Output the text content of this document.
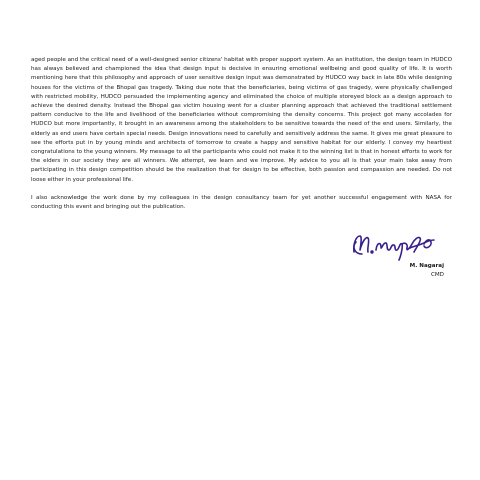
aged people and the critical need of a well-designed senior citizens' habitat with proper support system. As an institution, the design team in HUDCO has always believed and championed the idea that design input is decisive in ensuring emotional wellbeing and good quality of life. It is worth mentioning here that this philosophy and approach of user sensitive design input was demonstrated by HUDCO way back in late 80s while designing houses for the victims of the Bhopal gas tragedy. Taking due note that the beneficiaries, being victims of gas tragedy, were physically challenged with restricted mobility, HUDCO persuaded the implementing agency and eliminated the choice of multiple storeyed block as a design approach to achieve the desired density. Instead the Bhopal gas victim housing went for a cluster planning approach that achieved the traditional settlement pattern conducive to the life and livelihood of the beneficiaries without compromising the density concerns. This project got many accolades for HUDCO but more importantly, it brought in an awareness among the stakeholders to be sensitive towards the need of the end users. Similarly, the elderly as end users have certain special needs. Design innovations need to carefully and sensitively address the same. It gives me great pleasure to see the efforts put in by young minds and architects of tomorrow to create a happy and sensitive habitat for our elderly. I convey my heartiest congratulations to the young winners. My message to all the participants who could not make it to the winning list is that in honest efforts to work for the elders in our society they are all winners. We attempt, we learn and we improve. My advice to you all is that your main take away from participating in this design competition should be the realization that for design to be effective, both passion and compassion are needed. Do not loose either in your professional life.

I also acknowledge the work done by my colleagues in the design consultancy team for yet another successful engagement with NASA for conducting this event and bringing out the publication.

M. Nagaraj
CMD
